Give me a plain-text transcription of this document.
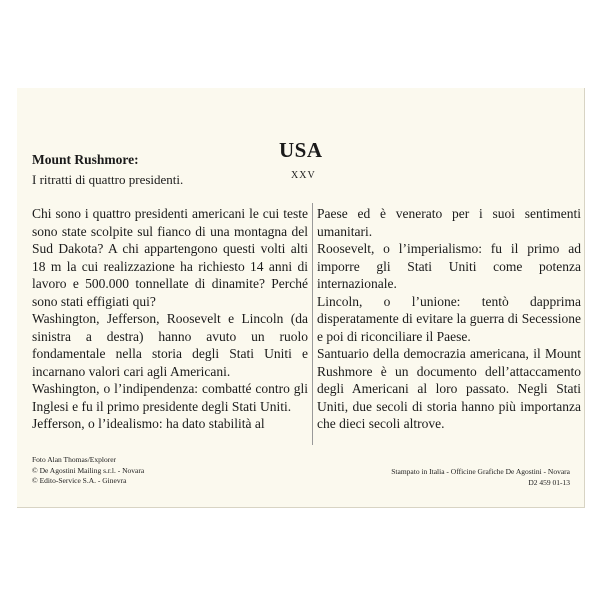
USA
XXV
Mount Rushmore:
I ritratti di quattro presidenti.

Chi sono i quattro presidenti americani le cui teste sono state scolpite sul fianco di una montagna del Sud Dakota? A chi appartengono questi volti alti 18 m la cui realizzazione ha richiesto 14 anni di lavoro e 500.000 tonnellate di dinamite? Perché sono stati effigiati qui?

Washington, Jefferson, Roosevelt e Lincoln (da sinistra a destra) hanno avuto un ruolo fondamentale nella storia degli Stati Uniti e incarnano valori cari agli Americani.

Washington, o l’indipendenza: combatté contro gli Inglesi e fu il primo presidente degli Stati Uniti.

Jefferson, o l’idealismo: ha dato stabilità al

Paese ed è venerato per i suoi sentimenti umanitari.

Roosevelt, o l’imperialismo: fu il primo ad imporre gli Stati Uniti come potenza internazionale.

Lincoln, o l’unione: tentò dapprima disperatamente di evitare la guerra di Secessione e poi di riconciliare il Paese.

Santuario della democrazia americana, il Mount Rushmore è un documento dell’attaccamento degli Americani al loro passato. Negli Stati Uniti, due secoli di storia hanno più importanza che dieci secoli altrove.

Foto Alan Thomas/Explorer
© De Agostini Mailing s.r.l. - Novara
© Edito-Service S.A. - Ginevra
Stampato in Italia - Officine Grafiche De Agostini - Novara
D2 459 01-13
